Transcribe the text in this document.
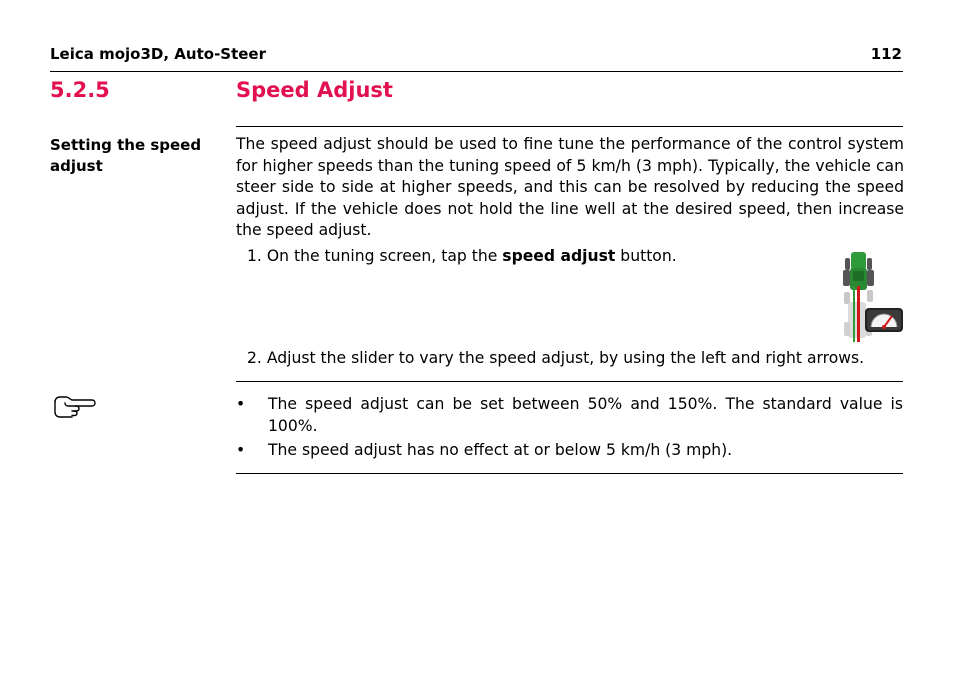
Leica mojo3D, Auto-Steer	112
5.2.5	Speed Adjust
Setting the speed adjust
The speed adjust should be used to fine tune the performance of the control system for higher speeds than the tuning speed of 5 km/h (3 mph). Typically, the vehicle can steer side to side at higher speeds, and this can be resolved by reducing the speed adjust. If the vehicle does not hold the line well at the desired speed, then increase the speed adjust.
1. On the tuning screen, tap the speed adjust button.
2. Adjust the slider to vary the speed adjust, by using the left and right arrows.
• The speed adjust can be set between 50% and 150%. The standard value is 100%.
• The speed adjust has no effect at or below 5 km/h (3 mph).
